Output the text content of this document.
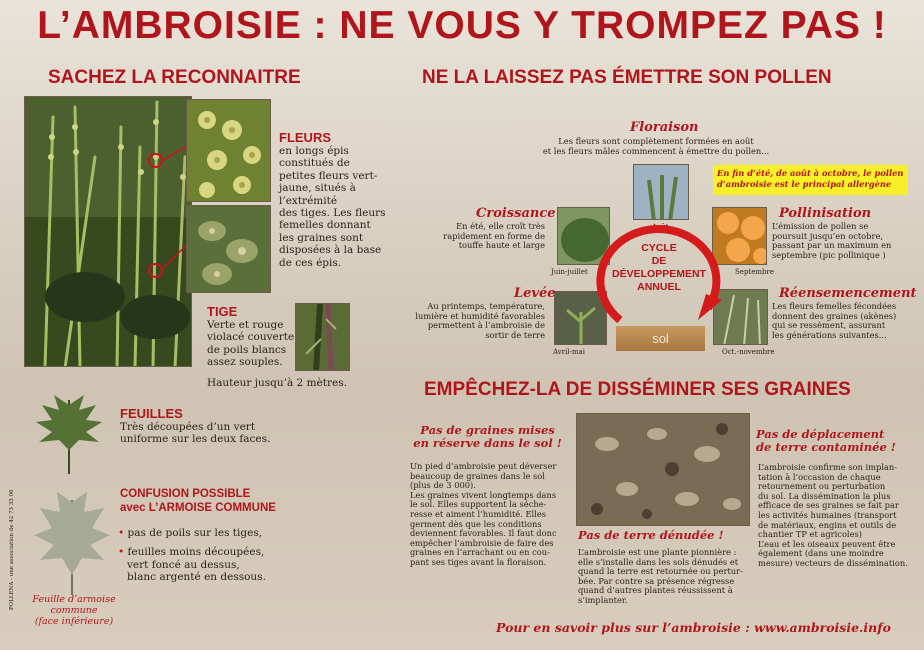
L’AMBROISIE : NE VOUS Y TROMPEZ PAS !
SACHEZ LA RECONNAITRE
FLEURS
en longs épis
constitués de
petites fleurs vert-
jaune, situés à
l’extrémité
des tiges. Les fleurs
femelles donnant
les graines sont
disposées à la base
de ces épis.
TIGE
Verte et rouge
violacé couverte
de poils blancs
assez souples.
Hauteur jusqu’à 2 mètres.
FEUILLES
Très découpées d’un vert
uniforme sur les deux faces.
POLLENA - une association de 42 73 33 06	CONFUSION POSSIBLE
avec L’ARMOISE COMMUNE
• pas de poils sur les tiges,
• feuilles moins découpées,
vert foncé au dessus,
blanc argenté en dessous.
Feuille d’armoise
commune
(face inférieure)
NE LA LAISSEZ PAS ÉMETTRE SON POLLEN
Floraison
Les fleurs sont complètement formées en août
et les fleurs mâles commencent à émettre du pollen...
En fin d’été, de août à octobre, le pollen
d’ambroisie est le principal allergène
Août
Juin-juillet	Septembre
Avril-mai	Oct.-novembre
CYCLE
DE
DÉVELOPPEMENT
ANNUEL
sol
Croissance
En été, elle croît très
rapidement en forme de
touffe haute et large
Pollinisation
L’émission de pollen se
poursuit jusqu’en octobre,
passant par un maximum en
septembre (pic pollinique )
Levée
Au printemps, température,
lumière et humidité favorables
permettent à l’ambroisie de
sortir de terre
Réensemencement
Les fleurs femelles fécondées
donnent des graines (akènes)
qui se ressèment, assurant
les générations suivantes...
EMPÊCHEZ-LA DE DISSÉMINER SES GRAINES
Pas de graines mises
en réserve dans le sol !
Un pied d’ambroisie peut déverser
beaucoup de graines dans le sol
(plus de 3 000).
Les graines vivent longtemps dans
le sol. Elles supportent la séche-
resse et aiment l’humidité. Elles
germent dès que les conditions
deviennent favorables. Il faut donc
empêcher l’ambroisie de faire des
graines en l’arrachant ou en cou-
pant ses tiges avant la floraison.
Pas de terre dénudée !
L’ambroisie est une plante pionnière :
elle s’installe dans les sols dénudés et
quand la terre est retournée ou pertur-
bée. Par contre sa présence régresse
quand d’autres plantes réussissent à
s’implanter.
Pas de déplacement
de terre contaminée !
L’ambroisie confirme son implan-
tation à l’occasion de chaque
retournement ou perturbation
du sol. La dissémination la plus
efficace de ses graines se fait par
les activités humaines (transport
de matériaux, engins et outils de
chantier TP et agricoles)
L’eau et les oiseaux peuvent être
également (dans une moindre
mesure) vecteurs de dissémination.
Pour en savoir plus sur l’ambroisie : www.ambroisie.info
